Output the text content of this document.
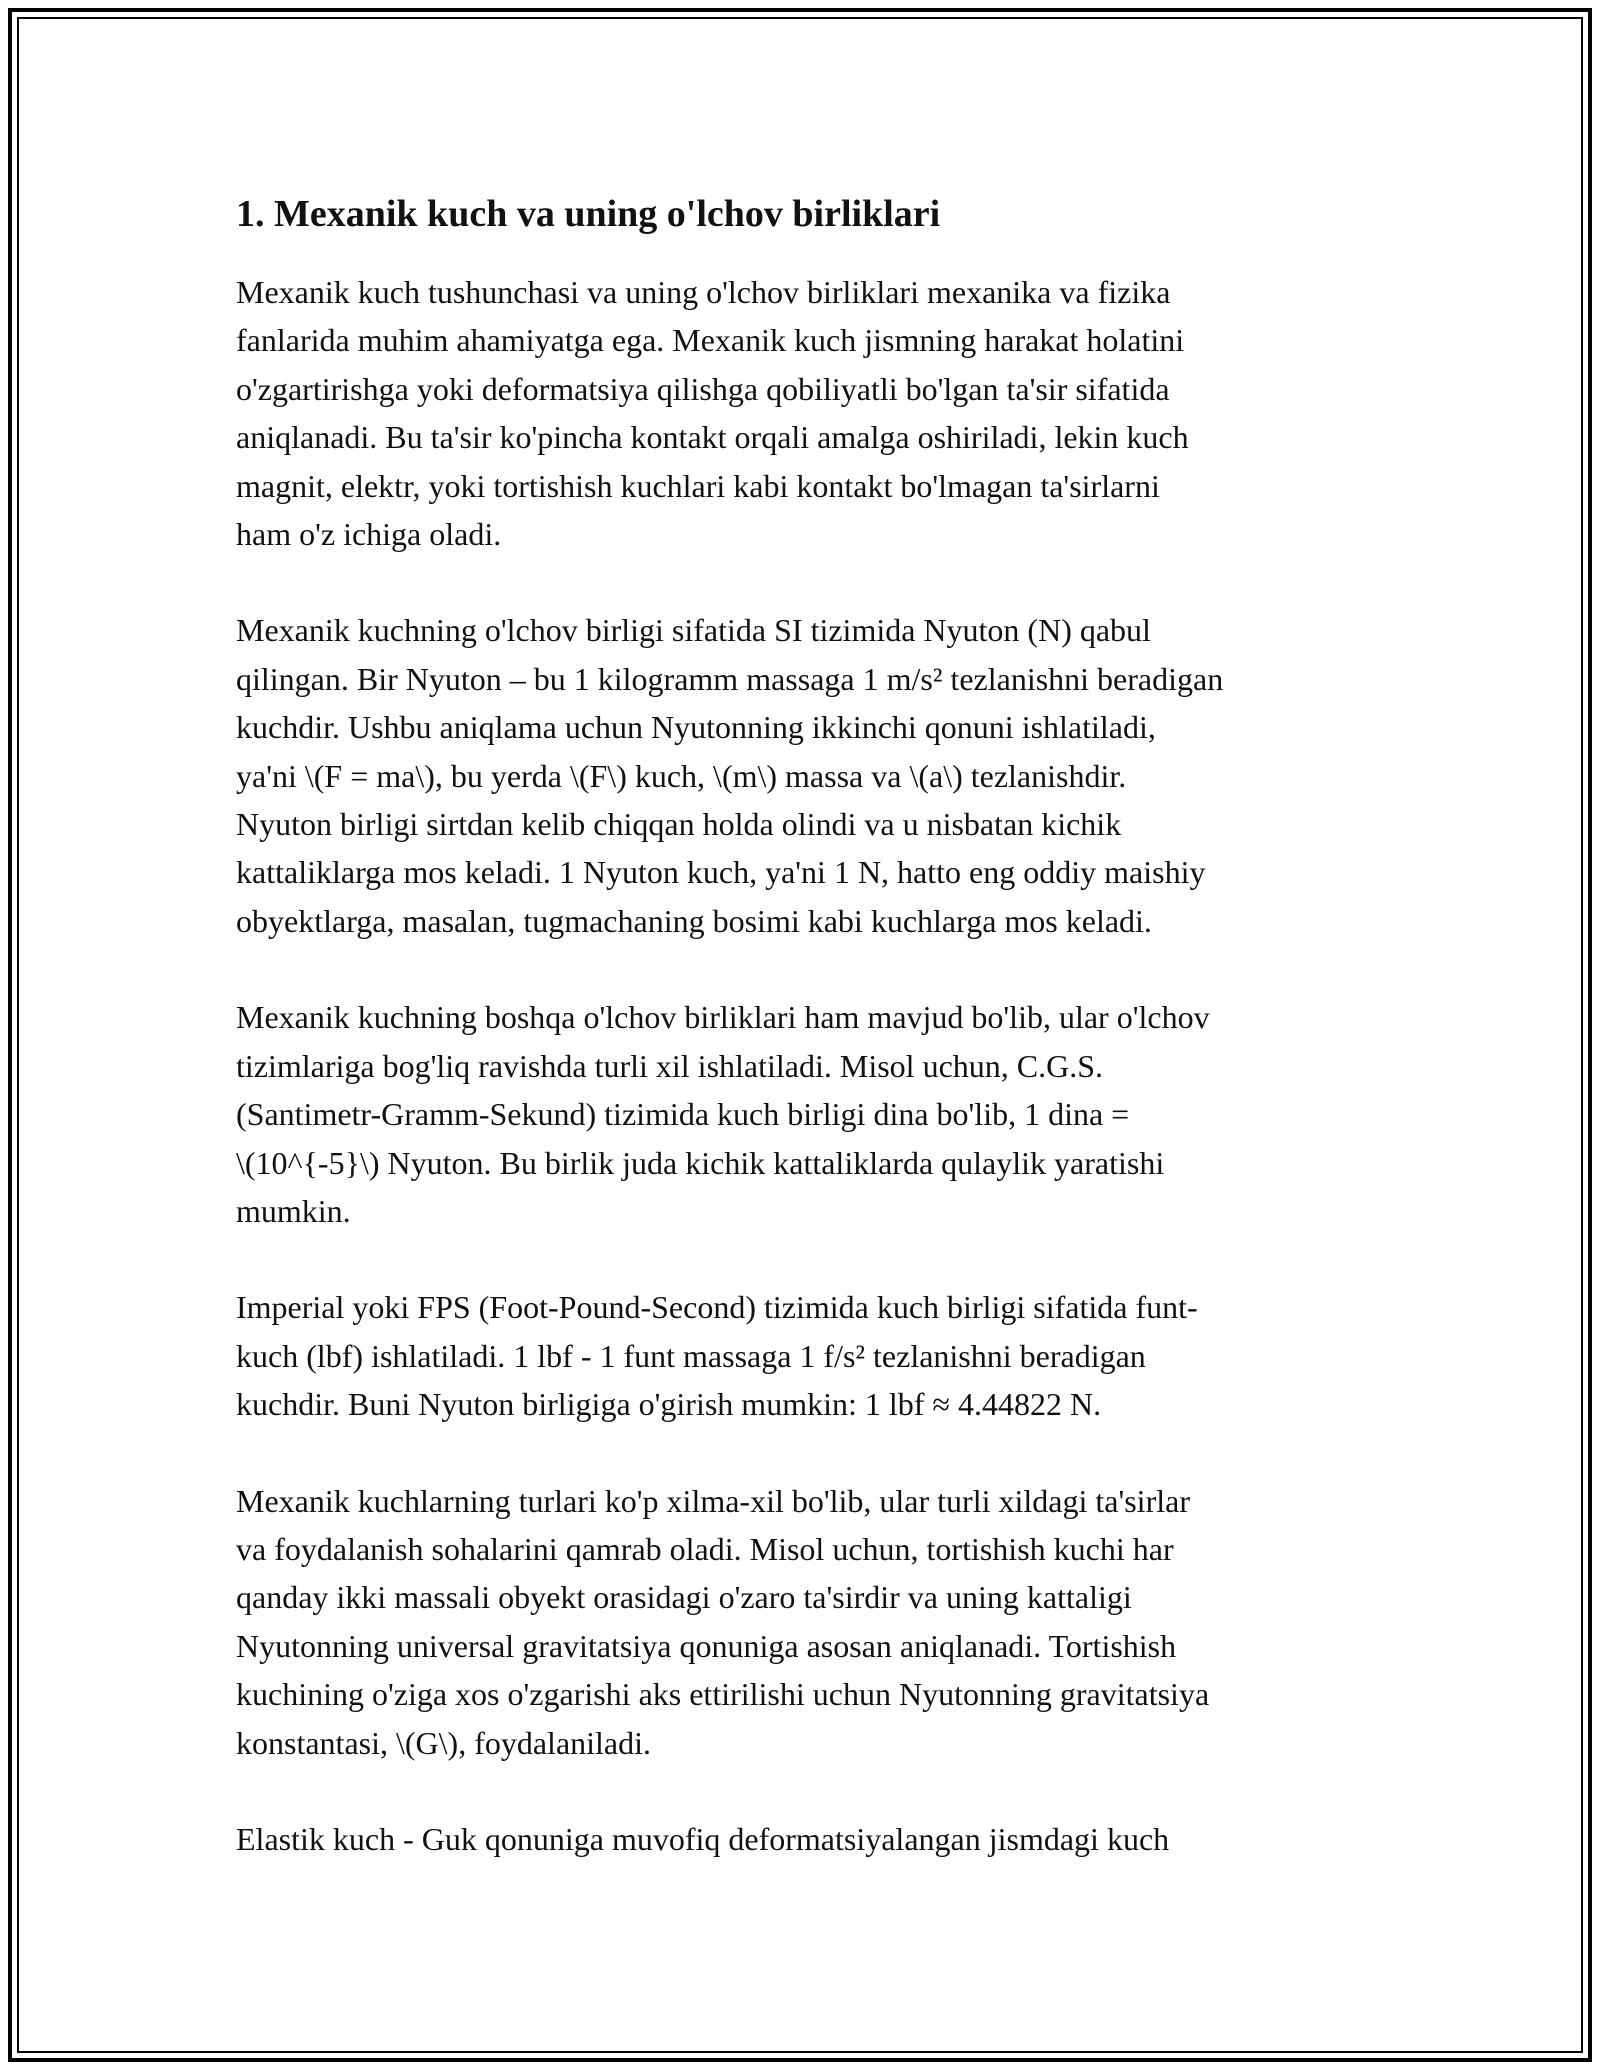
1. Mexanik kuch va uning o'lchov birliklari

Mexanik kuch tushunchasi va uning o'lchov birliklari mexanika va fizika
fanlarida muhim ahamiyatga ega. Mexanik kuch jismning harakat holatini
o'zgartirishga yoki deformatsiya qilishga qobiliyatli bo'lgan ta'sir sifatida
aniqlanadi. Bu ta'sir ko'pincha kontakt orqali amalga oshiriladi, lekin kuch
magnit, elektr, yoki tortishish kuchlari kabi kontakt bo'lmagan ta'sirlarni
ham o'z ichiga oladi.

Mexanik kuchning o'lchov birligi sifatida SI tizimida Nyuton (N) qabul
qilingan. Bir Nyuton – bu 1 kilogramm massaga 1 m/s² tezlanishni beradigan
kuchdir. Ushbu aniqlama uchun Nyutonning ikkinchi qonuni ishlatiladi,
ya'ni \(F = ma\), bu yerda \(F\) kuch, \(m\) massa va \(a\) tezlanishdir.
Nyuton birligi sirtdan kelib chiqqan holda olindi va u nisbatan kichik
kattaliklarga mos keladi. 1 Nyuton kuch, ya'ni 1 N, hatto eng oddiy maishiy
obyektlarga, masalan, tugmachaning bosimi kabi kuchlarga mos keladi.

Mexanik kuchning boshqa o'lchov birliklari ham mavjud bo'lib, ular o'lchov
tizimlariga bog'liq ravishda turli xil ishlatiladi. Misol uchun, C.G.S.
(Santimetr-Gramm-Sekund) tizimida kuch birligi dina bo'lib, 1 dina =
\(10^{-5}\) Nyuton. Bu birlik juda kichik kattaliklarda qulaylik yaratishi
mumkin.

Imperial yoki FPS (Foot-Pound-Second) tizimida kuch birligi sifatida funt-
kuch (lbf) ishlatiladi. 1 lbf - 1 funt massaga 1 f/s² tezlanishni beradigan
kuchdir. Buni Nyuton birligiga o'girish mumkin: 1 lbf ≈ 4.44822 N.

Mexanik kuchlarning turlari ko'p xilma-xil bo'lib, ular turli xildagi ta'sirlar
va foydalanish sohalarini qamrab oladi. Misol uchun, tortishish kuchi har
qanday ikki massali obyekt orasidagi o'zaro ta'sirdir va uning kattaligi
Nyutonning universal gravitatsiya qonuniga asosan aniqlanadi. Tortishish
kuchining o'ziga xos o'zgarishi aks ettirilishi uchun Nyutonning gravitatsiya
konstantasi, \(G\), foydalaniladi.

Elastik kuch - Guk qonuniga muvofiq deformatsiyalangan jismdagi kuch
